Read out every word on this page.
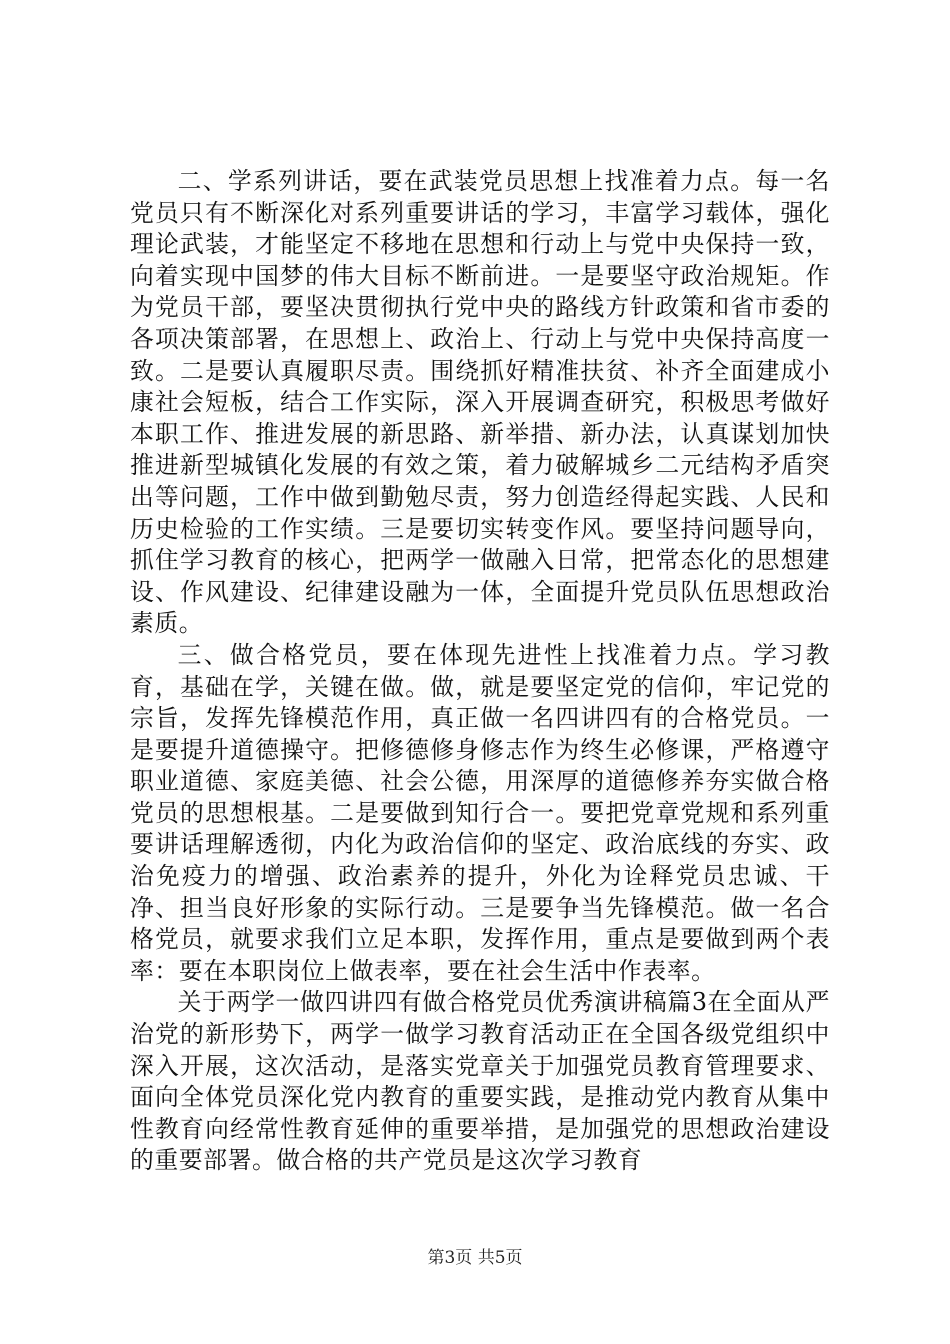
二、学系列讲话，要在武装党员思想上找准着力点。每一名党员只有不断深化对系列重要讲话的学习，丰富学习载体，强化理论武装，才能坚定不移地在思想和行动上与党中央保持一致，向着实现中国梦的伟大目标不断前进。一是要坚守政治规矩。作为党员干部，要坚决贯彻执行党中央的路线方针政策和省市委的各项决策部署，在思想上、政治上、行动上与党中央保持高度一致。二是要认真履职尽责。围绕抓好精准扶贫、补齐全面建成小康社会短板，结合工作实际，深入开展调查研究，积极思考做好本职工作、推进发展的新思路、新举措、新办法，认真谋划加快推进新型城镇化发展的有效之策，着力破解城乡二元结构矛盾突出等问题，工作中做到勤勉尽责，努力创造经得起实践、人民和历史检验的工作实绩。三是要切实转变作风。要坚持问题导向，抓住学习教育的核心，把两学一做融入日常，把常态化的思想建设、作风建设、纪律建设融为一体，全面提升党员队伍思想政治素质。

三、做合格党员，要在体现先进性上找准着力点。学习教育，基础在学，关键在做。做，就是要坚定党的信仰，牢记党的宗旨，发挥先锋模范作用，真正做一名四讲四有的合格党员。一是要提升道德操守。把修德修身修志作为终生必修课，严格遵守职业道德、家庭美德、社会公德，用深厚的道德修养夯实做合格党员的思想根基。二是要做到知行合一。要把党章党规和系列重要讲话理解透彻，内化为政治信仰的坚定、政治底线的夯实、政治免疫力的增强、政治素养的提升，外化为诠释党员忠诚、干净、担当良好形象的实际行动。三是要争当先锋模范。做一名合格党员，就要求我们立足本职，发挥作用，重点是要做到两个表率：要在本职岗位上做表率，要在社会生活中作表率。

关于两学一做四讲四有做合格党员优秀演讲稿篇3在全面从严治党的新形势下，两学一做学习教育活动正在全国各级党组织中深入开展，这次活动，是落实党章关于加强党员教育管理要求、面向全体党员深化党内教育的重要实践，是推动党内教育从集中性教育向经常性教育延伸的重要举措，是加强党的思想政治建设的重要部署。做合格的共产党员是这次学习教育

第3页 共5页
